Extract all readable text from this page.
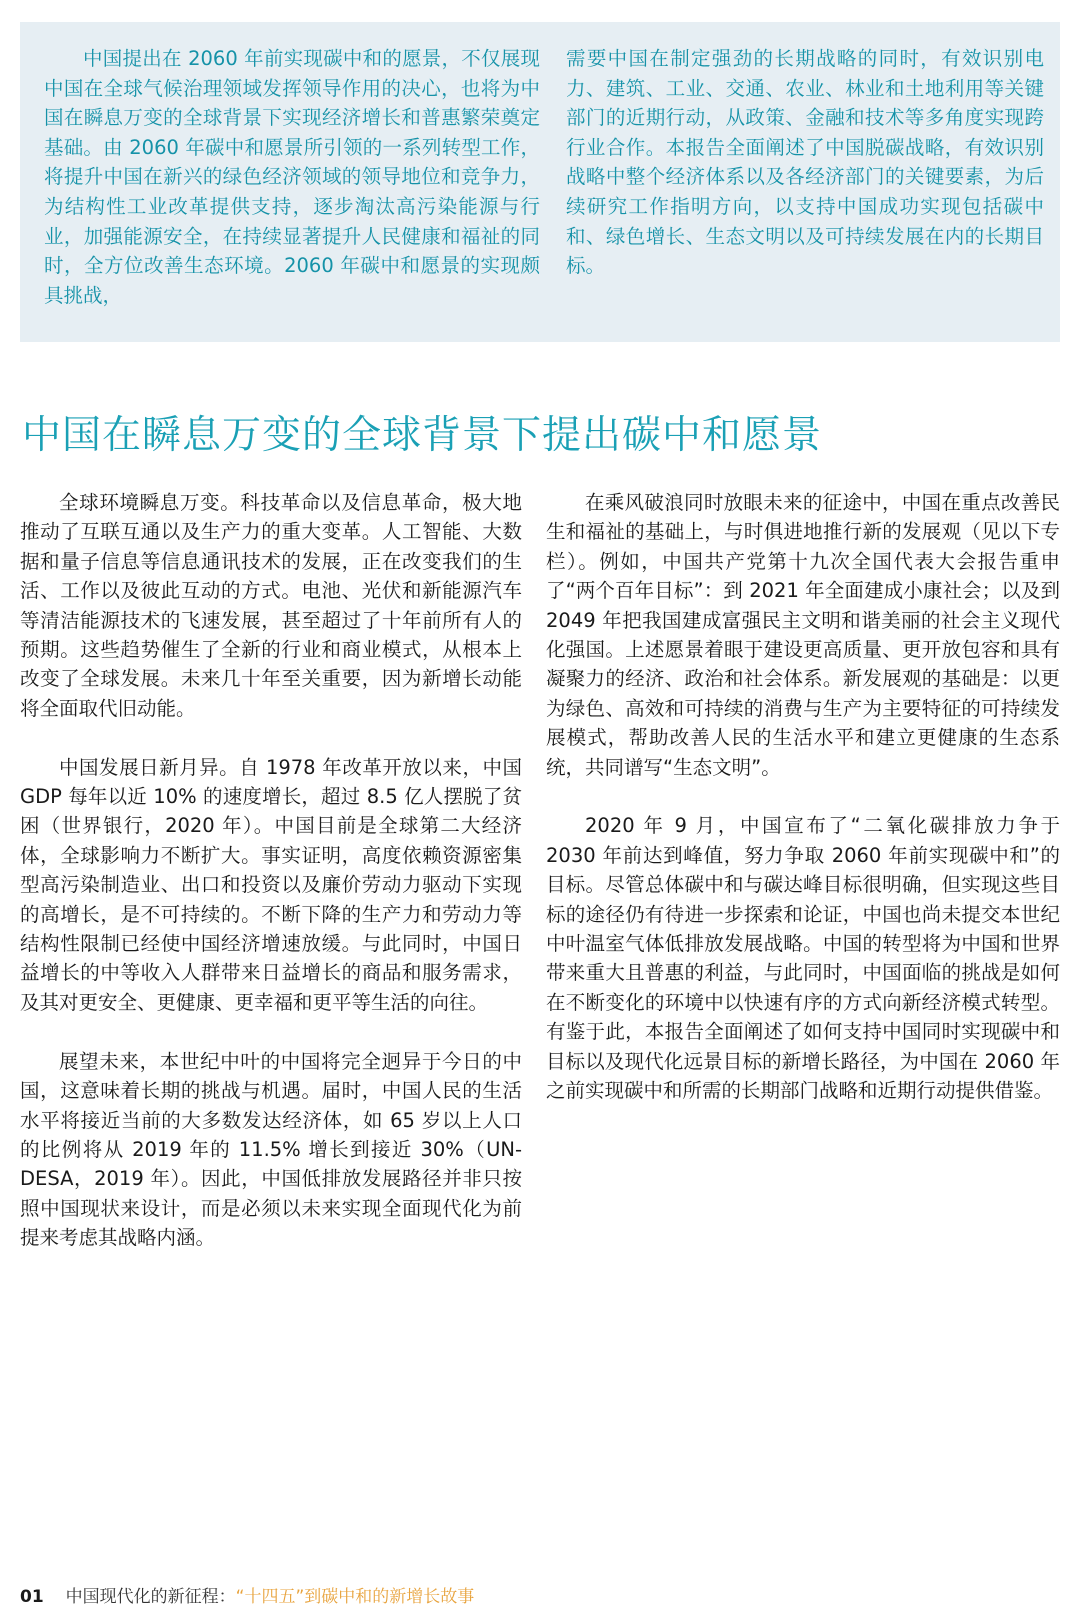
中国提出在 2060 年前实现碳中和的愿景，不仅展现中国在全球气候治理领域发挥领导作用的决心，也将为中国在瞬息万变的全球背景下实现经济增长和普惠繁荣奠定基础。由 2060 年碳中和愿景所引领的一系列转型工作，将提升中国在新兴的绿色经济领域的领导地位和竞争力，为结构性工业改革提供支持，逐步淘汰高污染能源与行业，加强能源安全，在持续显著提升人民健康和福祉的同时，全方位改善生态环境。2060 年碳中和愿景的实现颇具挑战，

需要中国在制定强劲的长期战略的同时，有效识别电力、建筑、工业、交通、农业、林业和土地利用等关键部门的近期行动，从政策、金融和技术等多角度实现跨行业合作。本报告全面阐述了中国脱碳战略，有效识别战略中整个经济体系以及各经济部门的关键要素，为后续研究工作指明方向，以支持中国成功实现包括碳中和、绿色增长、生态文明以及可持续发展在内的长期目标。

中国在瞬息万变的全球背景下提出碳中和愿景

全球环境瞬息万变。科技革命以及信息革命，极大地推动了互联互通以及生产力的重大变革。人工智能、大数据和量子信息等信息通讯技术的发展，正在改变我们的生活、工作以及彼此互动的方式。电池、光伏和新能源汽车等清洁能源技术的飞速发展，甚至超过了十年前所有人的预期。这些趋势催生了全新的行业和商业模式，从根本上改变了全球发展。未来几十年至关重要，因为新增长动能将全面取代旧动能。

中国发展日新月异。自 1978 年改革开放以来，中国 GDP 每年以近 10% 的速度增长，超过 8.5 亿人摆脱了贫困（世界银行，2020 年）。中国目前是全球第二大经济体，全球影响力不断扩大。事实证明，高度依赖资源密集型高污染制造业、出口和投资以及廉价劳动力驱动下实现的高增长，是不可持续的。不断下降的生产力和劳动力等结构性限制已经使中国经济增速放缓。与此同时，中国日益增长的中等收入人群带来日益增长的商品和服务需求，及其对更安全、更健康、更幸福和更平等生活的向往。

展望未来，本世纪中叶的中国将完全迥异于今日的中国，这意味着长期的挑战与机遇。届时，中国人民的生活水平将接近当前的大多数发达经济体，如 65 岁以上人口的比例将从 2019 年的 11.5% 增长到接近 30%（UN-DESA，2019 年）。因此，中国低排放发展路径并非只按照中国现状来设计，而是必须以未来实现全面现代化为前提来考虑其战略内涵。

在乘风破浪同时放眼未来的征途中，中国在重点改善民生和福祉的基础上，与时俱进地推行新的发展观（见以下专栏）。例如，中国共产党第十九次全国代表大会报告重申了“两个百年目标”：到 2021 年全面建成小康社会；以及到 2049 年把我国建成富强民主文明和谐美丽的社会主义现代化强国。上述愿景着眼于建设更高质量、更开放包容和具有凝聚力的经济、政治和社会体系。新发展观的基础是：以更为绿色、高效和可持续的消费与生产为主要特征的可持续发展模式，帮助改善人民的生活水平和建立更健康的生态系统，共同谱写“生态文明”。

2020 年 9 月，中国宣布了“二氧化碳排放力争于 2030 年前达到峰值，努力争取 2060 年前实现碳中和”的目标。尽管总体碳中和与碳达峰目标很明确，但实现这些目标的途径仍有待进一步探索和论证，中国也尚未提交本世纪中叶温室气体低排放发展战略。中国的转型将为中国和世界带来重大且普惠的利益，与此同时，中国面临的挑战是如何在不断变化的环境中以快速有序的方式向新经济模式转型。有鉴于此，本报告全面阐述了如何支持中国同时实现碳中和目标以及现代化远景目标的新增长路径，为中国在 2060 年之前实现碳中和所需的长期部门战略和近期行动提供借鉴。

01 中国现代化的新征程：“十四五”到碳中和的新增长故事
